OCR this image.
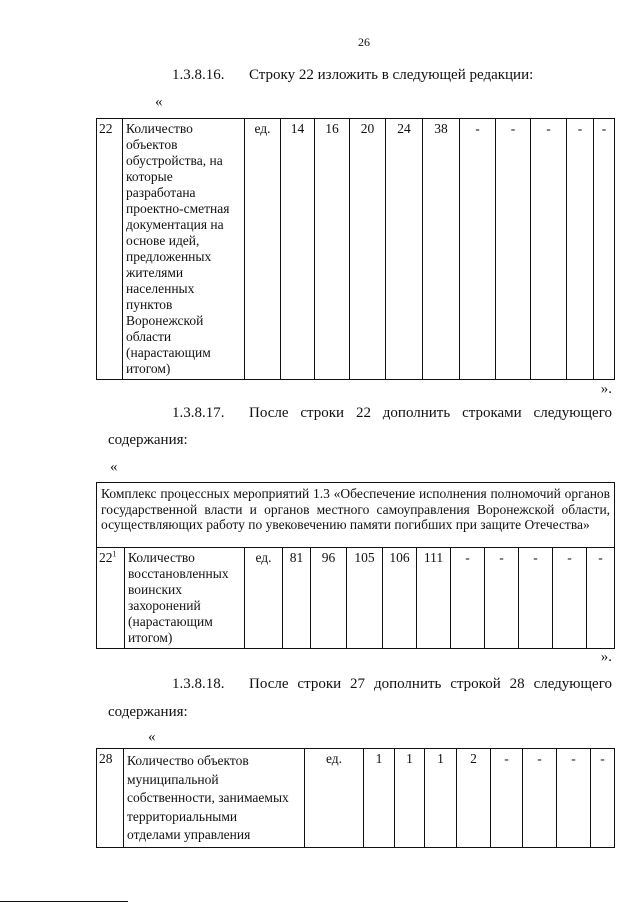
26
1.3.8.16.	Строку 22 изложить в следующей редакции:
«
22	Количество
объектов
обустройства, на
которые
разработана
проектно-сметная
документация на
основе идей,
предложенных
жителями
населенных
пунктов
Воронежской
области
(нарастающим
итогом)
	ед.	14	16	20	24	38	-	-	-	-	-
».
1.3.8.17.	После строки 22 дополнить строками следующего
содержания:
«
Комплекс процессных мероприятий 1.3 «Обеспечение исполнения полномочий органов государственной власти и органов местного самоуправления Воронежской области, осуществляющих работу по увековечению памяти погибших при защите Отечества»
$22^1$	Количество
восстановленных
воинских
захоронений
(нарастающим
итогом)
	ед.	81	96	105	106	111	-	-	-	-	-
».
1.3.8.18.	После строки 27 дополнить строкой 28 следующего
содержания:
«
28	Количество объектов
муниципальной
собственности, занимаемых
территориальными
отделами управления
	ед.	1	1	1	2	-	-	-	-
